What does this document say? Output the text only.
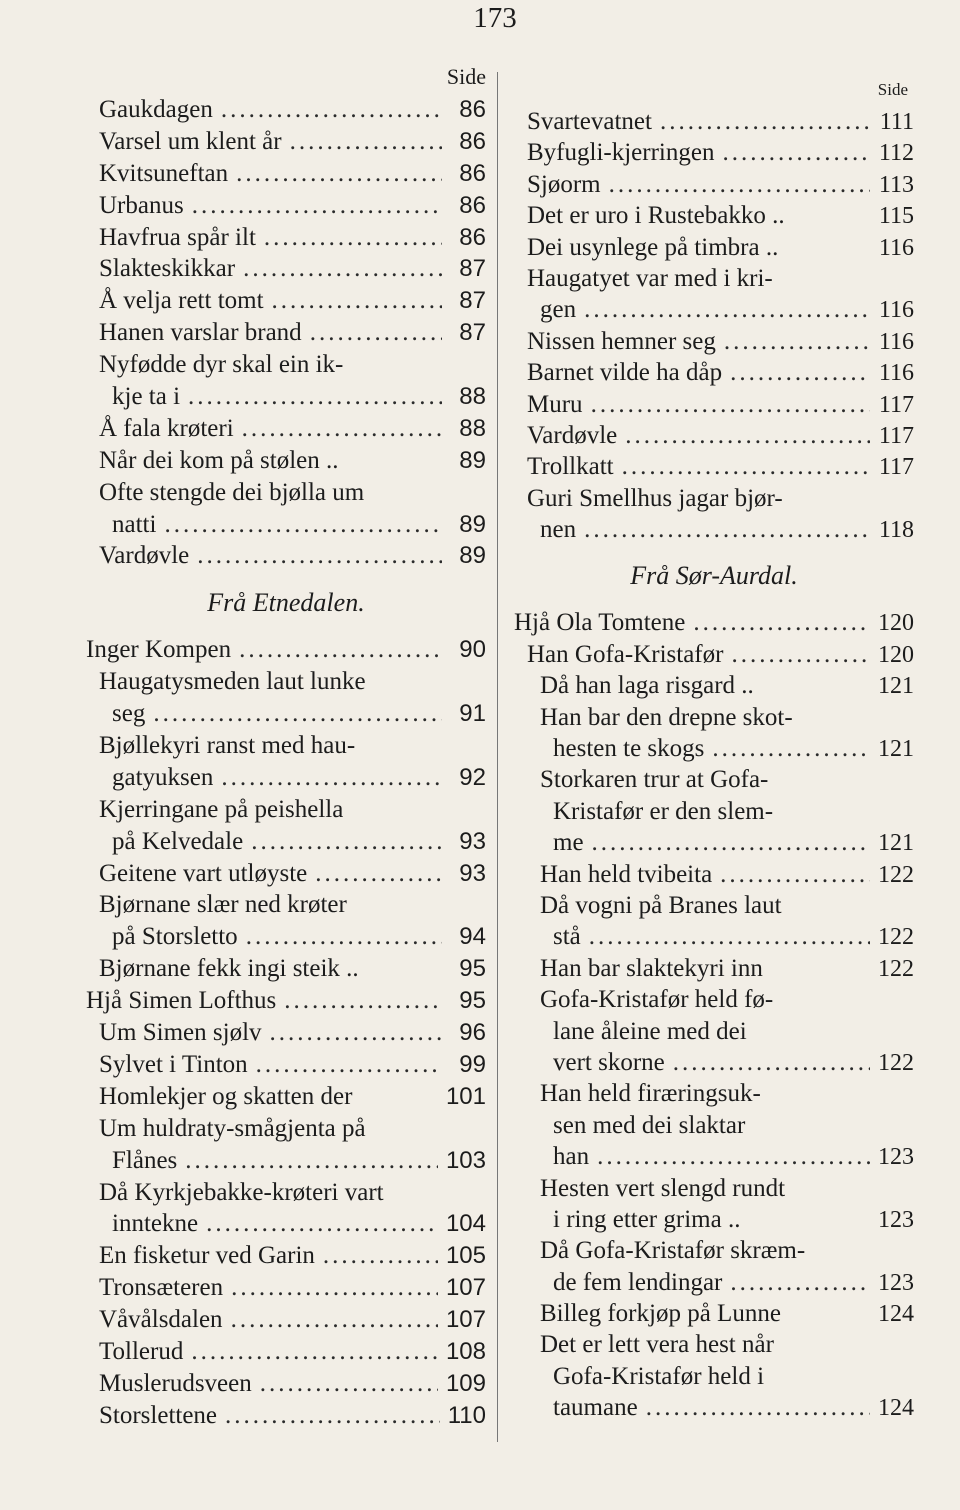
173
Side
Gaukdagen .....	86
Varsel um klent år .....	86
Kvitsuneftan .....	86
Urbanus .....	86
Havfrua spår ilt .....	86
Slakteskikkar .....	87
Å velja rett tomt .....	87
Hanen varslar brand .....	87
Nyfødde dyr skal ein ik-
kje ta i .....	88
Å fala krøteri .....	88
Når dei kom på stølen ..	89
Ofte stengde dei bjølla um
natti .....	89
Vardøvle .....	89
Frå Etnedalen.
Inger Kompen .....	90
Haugatysmeden laut lunke
seg .....	91
Bjøllekyri ranst med hau-
gatyuksen .....	92
Kjerringane på peishella
på Kelvedale .....	93
Geitene vart utløyste .....	93
Bjørnane slær ned krøter
på Storsletto .....	94
Bjørnane fekk ingi steik ..	95
Hjå Simen Lofthus .....	95
Um Simen sjølv .....	96
Sylvet i Tinton .....	99
Homlekjer og skatten der	101
Um huldraty-smågjenta på
Flånes .....	103
Då Kyrkjebakke-krøteri vart
inntekne .....	104
En fisketur ved Garin .....	105
Tronsæteren .....	107
Våvålsdalen .....	107
Tollerud .....	108
Muslerudsveen .....	109
Storslettene .....	110
Side
Svartevatnet .....	111
Byfugli-kjerringen .....	112
Sjøorm .....	113
Det er uro i Rustebakko ..	115
Dei usynlege på timbra ..	116
Haugatyet var med i kri-
gen .....	116
Nissen hemner seg .....	116
Barnet vilde ha dåp .....	116
Muru .....	117
Vardøvle .....	117
Trollkatt .....	117
Guri Smellhus jagar bjør-
nen .....	118
Frå Sør-Aurdal.
Hjå Ola Tomtene .....	120
Han Gofa-Kristafør .....	120
Då han laga risgard ..	121
Han bar den drepne skot-
hesten te skogs .....	121
Storkaren trur at Gofa-
Kristafør er den slem-
me .....	121
Han held tvibeita .....	122
Då vogni på Branes laut
stå .....	122
Han bar slaktekyri inn	122
Gofa-Kristafør held fø-
lane åleine med dei
vert skorne .....	122
Han held firæringsuk-
sen med dei slaktar
han .....	123
Hesten vert slengd rundt
i ring etter grima ..	123
Då Gofa-Kristafør skræm-
de fem lendingar .....	123
Billeg forkjøp på Lunne	124
Det er lett vera hest når
Gofa-Kristafør held i
taumane .....	124
